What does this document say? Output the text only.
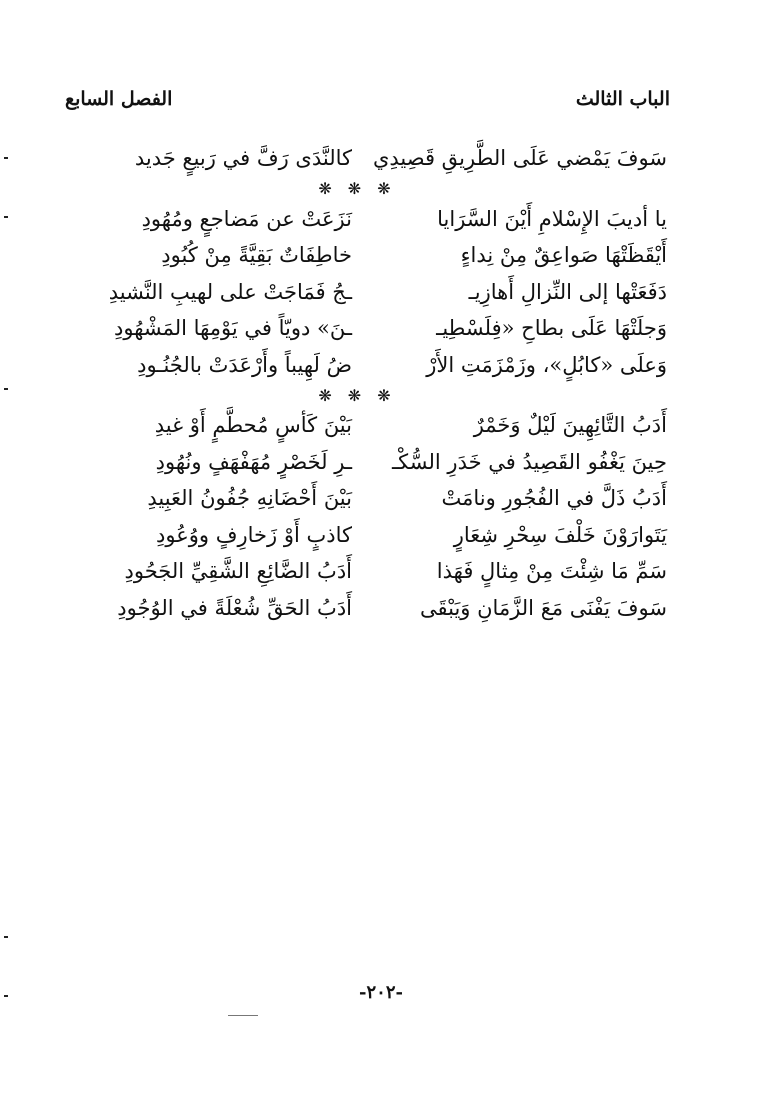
الباب الثالث
الفصل السابع
سَوفَ يَمْضي عَلَى الطَّرِيقِ قَصِيدِي
كالنَّدَى رَفَّ في رَبيعٍ جَديد
❋ ❋ ❋
يا أديبَ الإِسْلامِ أَيْنَ السَّرَايا
نَزَعَتْ عن مَضاجعٍ ومُهُودِ
أَيْقَظَتْهَا صَواعِقٌ مِنْ نِداءٍ
خاطِفَاتٌ بَقِيَّةً مِنْ كُبُودِ
دَفَعَتْها إلى النِّزالِ أَهازِيـ
ـجُ فَمَاجَتْ على لهيبِ النَّشيدِ
وَجلَتْهَا عَلَى بطاحِ «فِلَسْطِيـ
ـنَ» دويّاً في يَوْمِهَا المَشْهُودِ
وَعلَى «كابُلٍ»، وزَمْزَمَتِ الأَرْ
ضُ لَهِيباً وأَرْعَدَتْ بالجُنُـودِ
❋ ❋ ❋
أَدَبُ التَّائِهِينَ لَيْلٌ وَخَمْرٌ
بَيْنَ كَأسٍ مُحطَّمٍ أَوْ غيدِ
حِينَ يَغْفُو القَصِيدُ في خَدَرِ السُّكْـ
ـرِ لَخَصْرٍ مُهَفْهَفٍ ونُهُودِ
أَدَبُ ذَلَّ في الفُجُورِ ونامَتْ
بَيْنَ أَحْضَانِهِ جُفُونُ العَبِيدِ
يَتَوارَوْنَ خَلْفَ سِحْرِ شِعَارٍ
كاذبٍ أَوْ زَخارِفٍ ووُعُودِ
سَمِّ مَا شِئْتَ مِنْ مِثالٍ فَهَذا
أَدَبُ الضَّائِعِ الشَّقِيِّ الجَحُودِ
سَوفَ يَفْنَى مَعَ الزَّمَانِ وَيَبْقَى
أَدَبُ الحَقِّ شُعْلَةً في الوُجُودِ
-٢٠٢-
